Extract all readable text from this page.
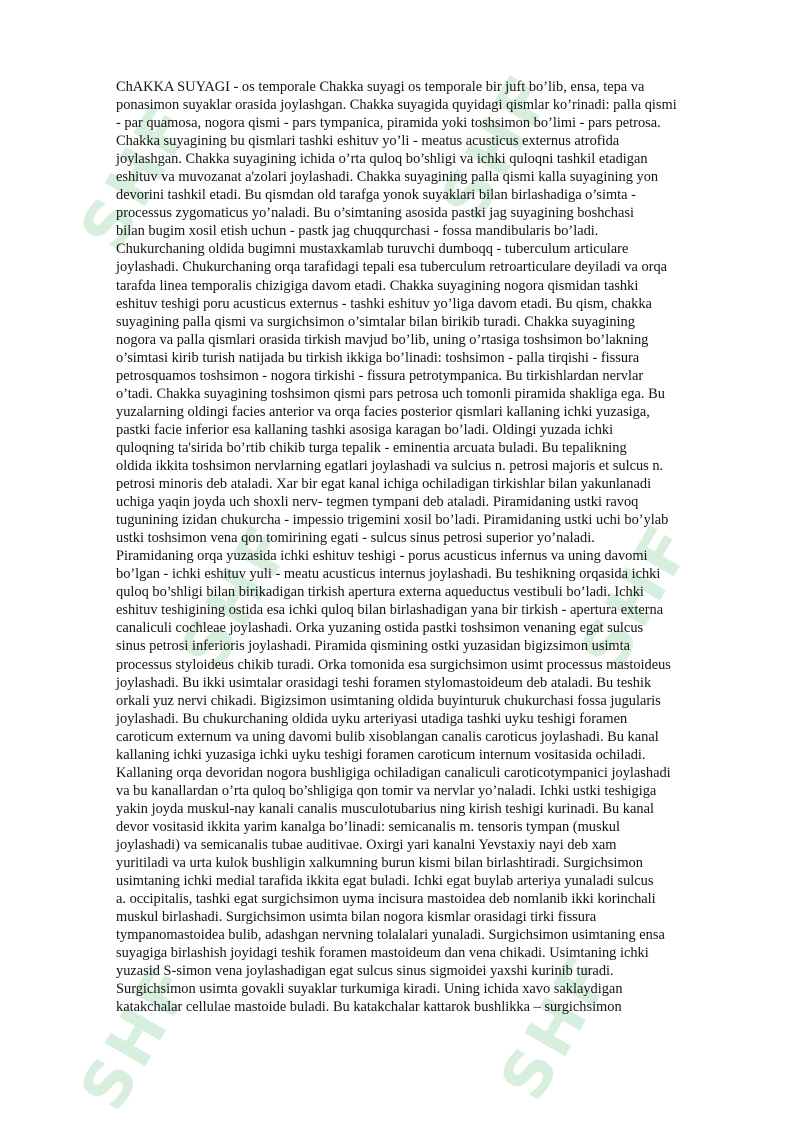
SHF	SHF
SHF	SHF
SHF	SHF
ChAKKA SUYAGI - os temporale Chakka suyagi os temporale bir juft bo’lib, ensa, tepa va
ponasimon suyaklar orasida joylashgan. Chakka suyagida quyidagi qismlar ko’rinadi: palla qismi
- par quamosa, nogora qismi - pars tympanica, piramida yoki toshsimon bo’limi - pars petrosa.
Chakka suyagining bu qismlari tashki eshituv yo’li - meatus acusticus externus atrofida
joylashgan. Chakka suyagining ichida o’rta quloq bo’shligi va ichki quloqni tashkil etadigan
eshituv va muvozanat a'zolari joylashadi. Chakka suyagining palla qismi kalla suyagining yon
devorini tashkil etadi. Bu qismdan old tarafga yonok suyaklari bilan birlashadiga o’simta -
processus zygomaticus yo’naladi. Bu o’simtaning asosida pastki jag suyagining boshchasi
bilan bugim xosil etish uchun - pastk jag chuqqurchasi - fossa mandibularis bo’ladi.
Chukurchaning oldida bugimni mustaxkamlab turuvchi dumboqq - tuberculum articulare
joylashadi. Chukurchaning orqa tarafidagi tepali esa tuberculum retroarticulare deyiladi va orqa
tarafda linea temporalis chizigiga davom etadi. Chakka suyagining nogora qismidan tashki
eshituv teshigi poru acusticus externus - tashki eshituv yo’liga davom etadi. Bu qism, chakka
suyagining palla qismi va surgichsimon o’simtalar bilan birikib turadi. Chakka suyagining
nogora va palla qismlari orasida tirkish mavjud bo’lib, uning o’rtasiga toshsimon bo’lakning
o’simtasi kirib turish natijada bu tirkish ikkiga bo’linadi: toshsimon - palla tirqishi - fissura
petrosquamos toshsimon - nogora tirkishi - fissura petrotympanica. Bu tirkishlardan nervlar
o’tadi. Chakka suyagining toshsimon qismi pars petrosa uch tomonli piramida shakliga ega. Bu
yuzalarning oldingi facies anterior va orqa facies posterior qismlari kallaning ichki yuzasiga,
pastki facie inferior esa kallaning tashki asosiga karagan bo’ladi. Oldingi yuzada ichki
quloqning ta'sirida bo’rtib chikib turga tepalik - eminentia arcuata buladi. Bu tepalikning
oldida ikkita toshsimon nervlarning egatlari joylashadi va sulcius n. petrosi majoris et sulcus n.
petrosi minoris deb ataladi. Xar bir egat kanal ichiga ochiladigan tirkishlar bilan yakunlanadi
uchiga yaqin joyda uch shoxli nerv- tegmen tympani deb ataladi. Piramidaning ustki ravoq
tugunining izidan chukurcha - impessio trigemini xosil bo’ladi. Piramidaning ustki uchi bo’ylab
ustki toshsimon vena qon tomirining egati - sulcus sinus petrosi superior yo’naladi.
Piramidaning orqa yuzasida ichki eshituv teshigi - porus acusticus infernus va uning davomi
bo’lgan - ichki eshituv yuli - meatu acusticus internus joylashadi. Bu teshikning orqasida ichki
quloq bo’shligi bilan birikadigan tirkish apertura externa aqueductus vestibuli bo’ladi. Ichki
eshituv teshigining ostida esa ichki quloq bilan birlashadigan yana bir tirkish - apertura externa
canaliculi cochleae joylashadi. Orka yuzaning ostida pastki toshsimon venaning egat sulcus
sinus petrosi inferioris joylashadi. Piramida qismining ostki yuzasidan bigizsimon usimta
processus styloideus chikib turadi. Orka tomonida esa surgichsimon usimt processus mastoideus
joylashadi. Bu ikki usimtalar orasidagi teshi foramen stylomastoideum deb ataladi. Bu teshik
orkali yuz nervi chikadi. Bigizsimon usimtaning oldida buyinturuk chukurchasi fossa jugularis
joylashadi. Bu chukurchaning oldida uyku arteriyasi utadiga tashki uyku teshigi foramen
caroticum externum va uning davomi bulib xisoblangan canalis caroticus joylashadi. Bu kanal
kallaning ichki yuzasiga ichki uyku teshigi foramen caroticum internum vositasida ochiladi.
Kallaning orqa devoridan nogora bushligiga ochiladigan canaliculi caroticotympanici joylashadi
va bu kanallardan o’rta quloq bo’shligiga qon tomir va nervlar yo’naladi. Ichki ustki teshigiga
yakin joyda muskul-nay kanali canalis musculotubarius ning kirish teshigi kurinadi. Bu kanal
devor vositasid ikkita yarim kanalga bo’linadi: semicanalis m. tensoris tympan (muskul
joylashadi) va semicanalis tubae auditivae. Oxirgi yari kanalni Yevstaxiy nayi deb xam
yuritiladi va urta kulok bushligin xalkumning burun kismi bilan birlashtiradi. Surgichsimon
usimtaning ichki medial tarafida ikkita egat buladi. Ichki egat buylab arteriya yunaladi sulcus
a. occipitalis, tashki egat surgichsimon uyma incisura mastoidea deb nomlanib ikki korinchali
muskul birlashadi. Surgichsimon usimta bilan nogora kismlar orasidagi tirki fissura
tympanomastoidea bulib, adashgan nervning tolalalari yunaladi. Surgichsimon usimtaning ensa
suyagiga birlashish joyidagi teshik foramen mastoideum dan vena chikadi. Usimtaning ichki
yuzasid S-simon vena joylashadigan egat sulcus sinus sigmoidei yaxshi kurinib turadi.
Surgichsimon usimta govakli suyaklar turkumiga kiradi. Uning ichida xavo saklaydigan
katakchalar cellulae mastoide buladi. Bu katakchalar kattarok bushlikka – surgichsimon
